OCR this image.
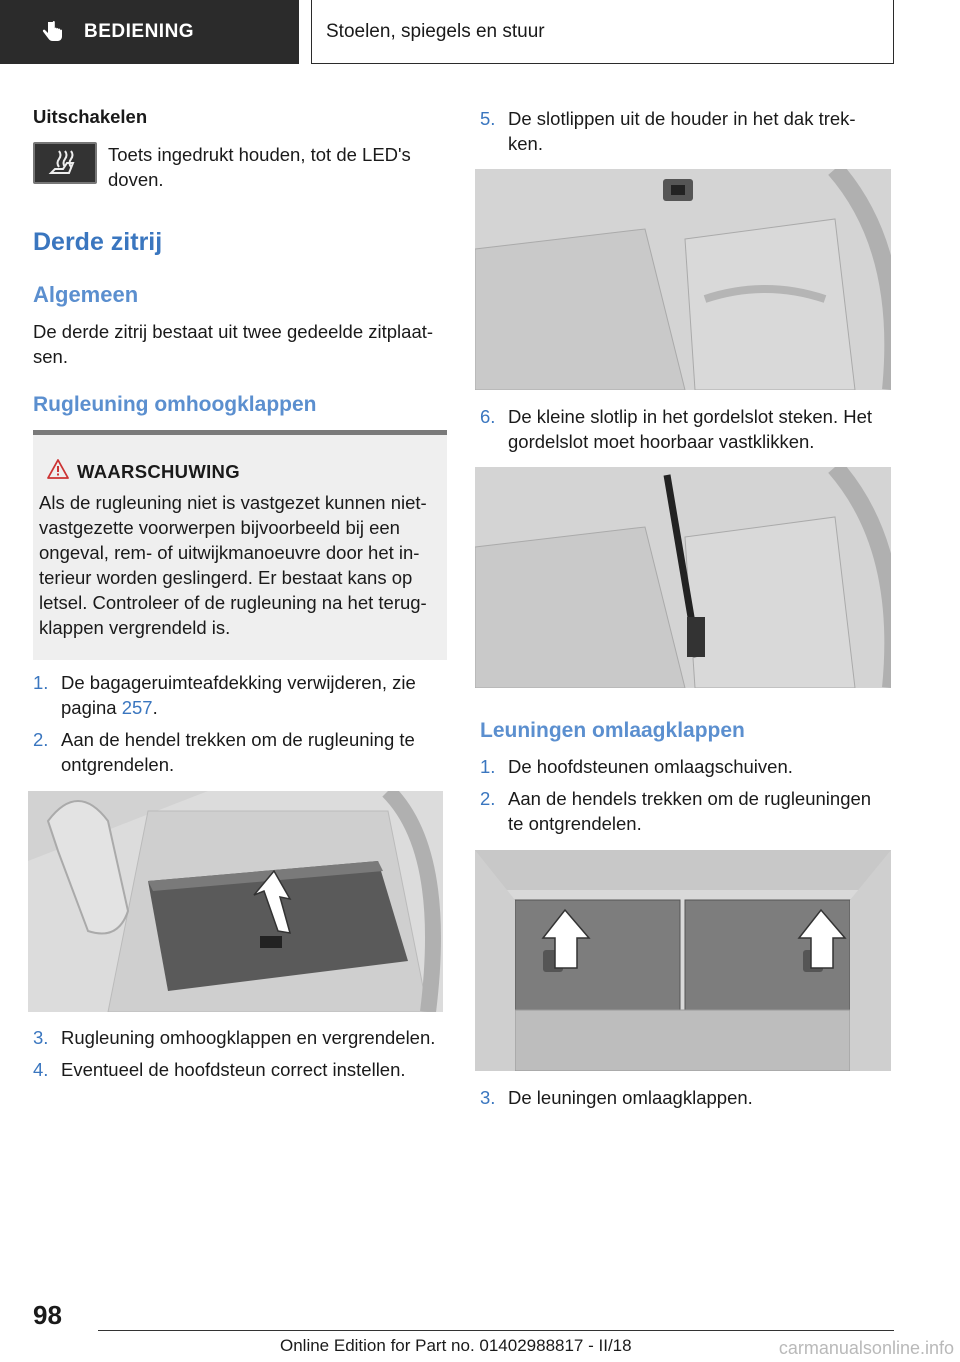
BEDIENING	Stoelen, spiegels en stuur
Uitschakelen
Toets ingedrukt houden, tot de LED's doven.
Derde zitrij
Algemeen
De derde zitrij bestaat uit twee gedeelde zitplaat-sen.
Rugleuning omhoogklappen
WAARSCHUWING
Als de rugleuning niet is vastgezet kunnen niet-vastgezette voorwerpen bijvoorbeeld bij een ongeval, rem- of uitwijkmanoeuvre door het in-terieur worden geslingerd. Er bestaat kans op letsel. Controleer of de rugleuning na het terug-klappen vergrendeld is.
1. De bagageruimteafdekking verwijderen, zie
pagina 257.
2. Aan de hendel trekken om de rugleuning te
ontgrendelen.
3. Rugleuning omhoogklappen en vergrendelen.
4. Eventueel de hoofdsteun correct instellen.
5. De slotlippen uit de houder in het dak trek-
ken.
6. De kleine slotlip in het gordelslot steken. Het
gordelslot moet hoorbaar vastklikken.
Leuningen omlaagklappen
1. De hoofdsteunen omlaagschuiven.
2. Aan de hendels trekken om de rugleuningen
te ontgrendelen.
3. De leuningen omlaagklappen.
98
Online Edition for Part no. 01402988817 - II/18	carmanualsonline.info
